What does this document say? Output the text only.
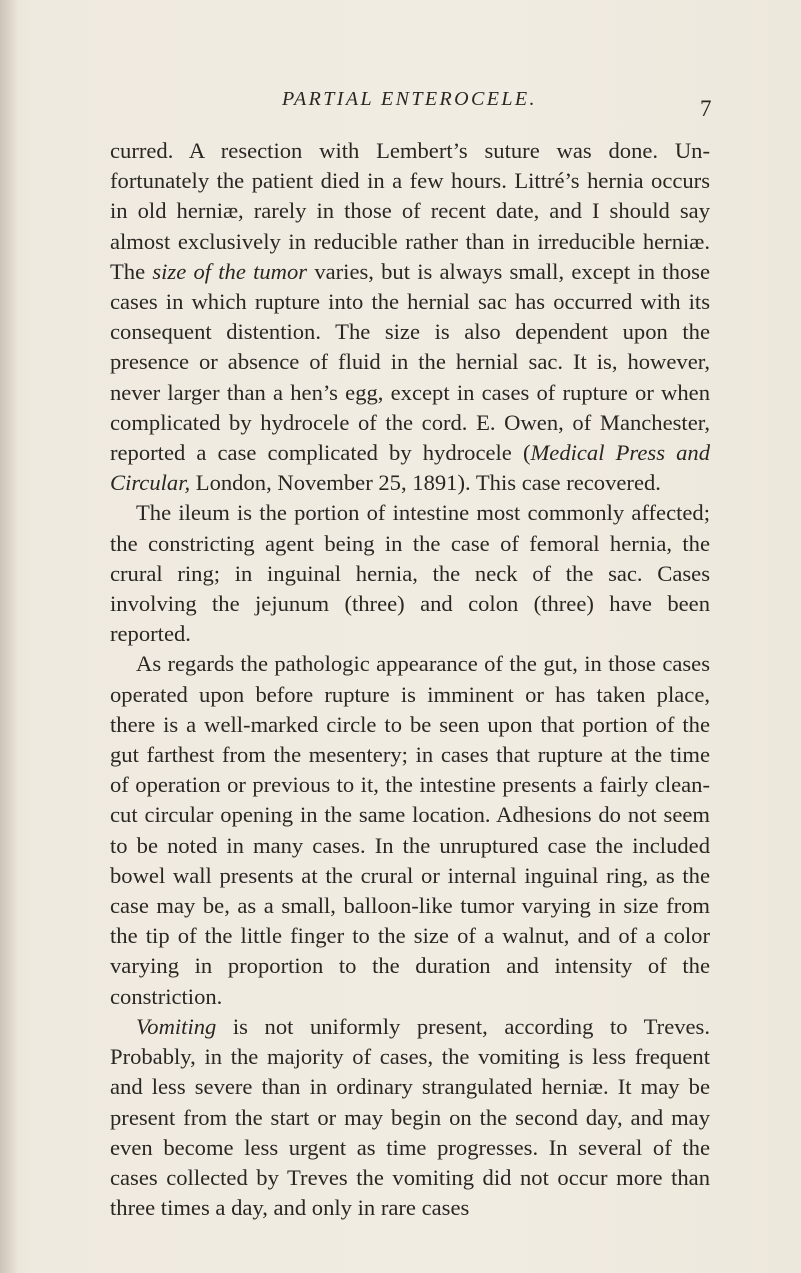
PARTIAL ENTEROCELE.	7

curred. A resection with Lembert’s suture was done. Unfortunately the patient died in a few hours. Littré’s hernia occurs in old herniæ, rarely in those of recent date, and I should say almost exclusively in reducible rather than in irreducible herniæ. The size of the tumor varies, but is always small, except in those cases in which rupture into the hernial sac has occurred with its consequent distention. The size is also dependent upon the presence or absence of fluid in the hernial sac. It is, however, never larger than a hen’s egg, except in cases of rupture or when complicated by hydrocele of the cord. E. Owen, of Manchester, reported a case complicated by hydrocele (Medical Press and Circular, London, November 25, 1891). This case recovered.

The ileum is the portion of intestine most commonly affected; the constricting agent being in the case of femoral hernia, the crural ring; in inguinal hernia, the neck of the sac. Cases involving the jejunum (three) and colon (three) have been reported.

As regards the pathologic appearance of the gut, in those cases operated upon before rupture is imminent or has taken place, there is a well-marked circle to be seen upon that portion of the gut farthest from the mesentery; in cases that rupture at the time of operation or previous to it, the intestine presents a fairly clean-cut circular opening in the same location. Adhesions do not seem to be noted in many cases. In the unruptured case the included bowel wall presents at the crural or internal inguinal ring, as the case may be, as a small, balloon-like tumor varying in size from the tip of the little finger to the size of a walnut, and of a color varying in proportion to the duration and intensity of the constriction.

Vomiting is not uniformly present, according to Treves. Probably, in the majority of cases, the vomiting is less frequent and less severe than in ordinary strangulated herniæ. It may be present from the start or may begin on the second day, and may even become less urgent as time progresses. In several of the cases collected by Treves the vomiting did not occur more than three times a day, and only in rare cases
